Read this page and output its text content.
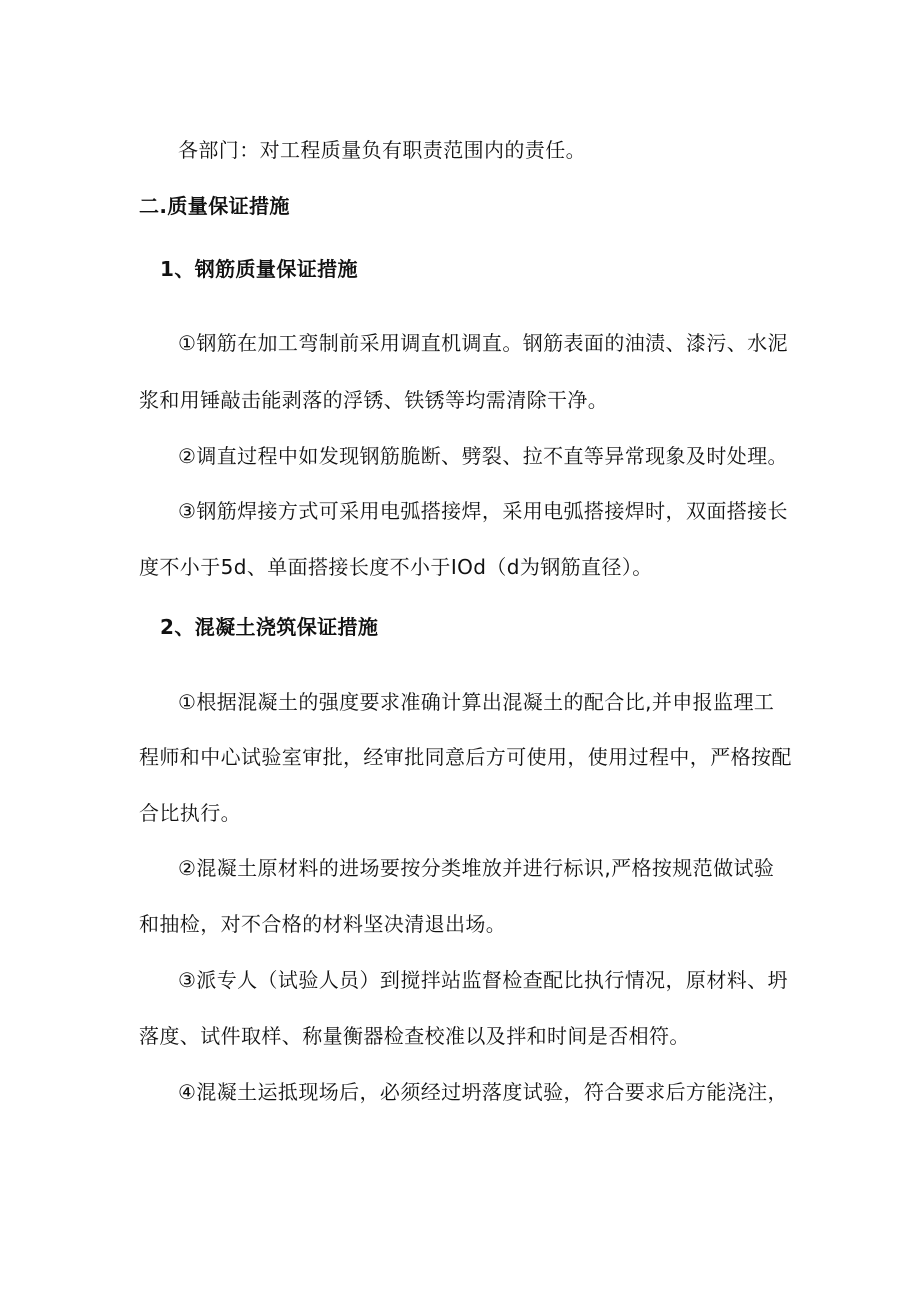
各部门：对工程质量负有职责范围内的责任。
二.质量保证措施
1、钢筋质量保证措施
①钢筋在加工弯制前采用调直机调直。钢筋表面的油渍、漆污、水泥
浆和用锤敲击能剥落的浮锈、铁锈等均需清除干净。
②调直过程中如发现钢筋脆断、劈裂、拉不直等异常现象及时处理。
③钢筋焊接方式可采用电弧搭接焊，采用电弧搭接焊时，双面搭接长
度不小于5d、单面搭接长度不小于IOd（d为钢筋直径）。
2、混凝土浇筑保证措施
①根据混凝土的强度要求准确计算出混凝土的配合比,并申报监理工
程师和中心试验室审批，经审批同意后方可使用，使用过程中，严格按配
合比执行。
②混凝土原材料的进场要按分类堆放并进行标识,严格按规范做试验
和抽检，对不合格的材料坚决清退出场。
③派专人（试验人员）到搅拌站监督检查配比执行情况，原材料、坍
落度、试件取样、称量衡器检查校准以及拌和时间是否相符。
④混凝土运抵现场后，必须经过坍落度试验，符合要求后方能浇注，
